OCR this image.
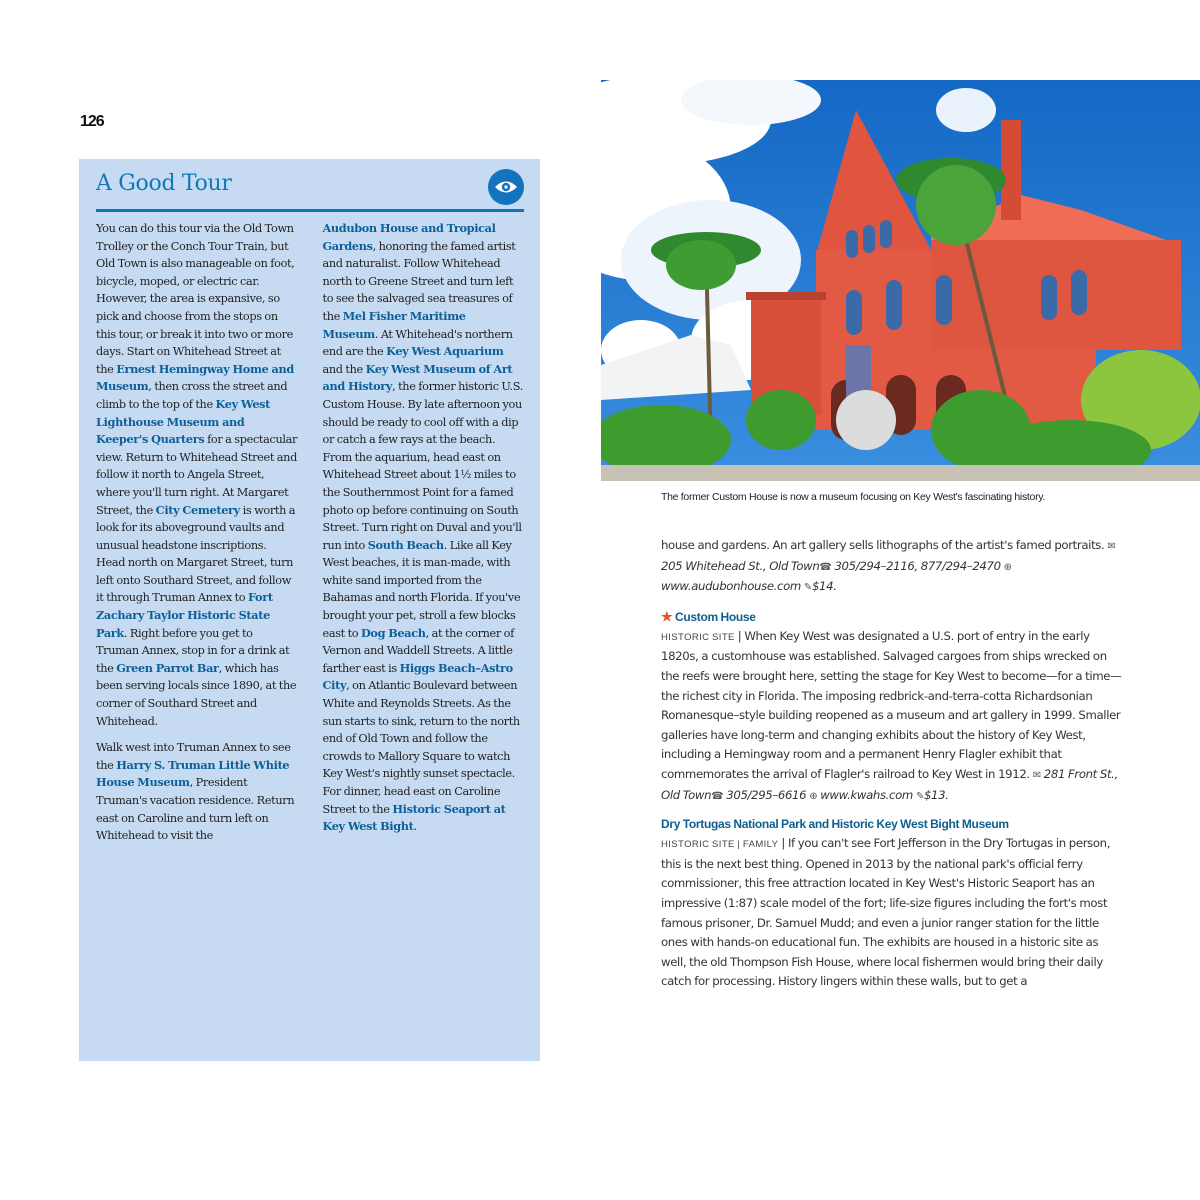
126
A Good Tour

You can do this tour via the Old Town Trolley or the Conch Tour Train, but Old Town is also manageable on foot, bicycle, moped, or electric car. However, the area is expansive, so pick and choose from the stops on this tour, or break it into two or more days. Start on Whitehead Street at the Ernest Hemingway Home and Museum, then cross the street and climb to the top of the Key West Lighthouse Museum and Keeper's Quarters for a spectacular view. Return to Whitehead Street and follow it north to Angela Street, where you'll turn right. At Margaret Street, the City Cemetery is worth a look for its aboveground vaults and unusual headstone inscriptions. Head north on Margaret Street, turn left onto Southard Street, and follow it through Truman Annex to Fort Zachary Taylor Historic State Park. Right before you get to Truman Annex, stop in for a drink at the Green Parrot Bar, which has been serving locals since 1890, at the corner of Southard Street and Whitehead.

Walk west into Truman Annex to see the Harry S. Truman Little White House Museum, President Truman's vacation residence. Return east on Caroline and turn left on Whitehead to visit the

Audubon House and Tropical Gardens, honoring the famed artist and naturalist. Follow Whitehead north to Greene Street and turn left to see the salvaged sea treasures of the Mel Fisher Maritime Museum. At Whitehead's northern end are the Key West Aquarium and the Key West Museum of Art and History, the former historic U.S. Custom House. By late afternoon you should be ready to cool off with a dip or catch a few rays at the beach. From the aquarium, head east on Whitehead Street about 1½ miles to the Southernmost Point for a famed photo op before continuing on South Street. Turn right on Duval and you'll run into South Beach. Like all Key West beaches, it is man-made, with white sand imported from the Bahamas and north Florida. If you've brought your pet, stroll a few blocks east to Dog Beach, at the corner of Vernon and Waddell Streets. A little farther east is Higgs Beach–Astro City, on Atlantic Boulevard between White and Reynolds Streets. As the sun starts to sink, return to the north end of Old Town and follow the crowds to Mallory Square to watch Key West's nightly sunset spectacle. For dinner, head east on Caroline Street to the Historic Seaport at Key West Bight.

The former Custom House is now a museum focusing on Key West's fascinating history.

house and gardens. An art gallery sells lithographs of the artist's famed portraits. ✉ 205 Whitehead St., Old Town☎ 305/294–2116, 877/294–2470 ⊕ www.audubonhouse.com ✎$14.

★ Custom House

HISTORIC SITE | When Key West was designated a U.S. port of entry in the early 1820s, a customhouse was established. Salvaged cargoes from ships wrecked on the reefs were brought here, setting the stage for Key West to become—for a time—the richest city in Florida. The imposing redbrick-and-terra-cotta Richardsonian Romanesque–style building reopened as a museum and art gallery in 1999. Smaller galleries have long-term and changing exhibits about the history of Key West, including a Hemingway room and a permanent Henry Flagler exhibit that commemorates the arrival of Flagler's railroad to Key West in 1912. ✉ 281 Front St., Old Town☎ 305/295–6616 ⊕ www.kwahs.com ✎$13.

Dry Tortugas National Park and Historic Key West Bight Museum

HISTORIC SITE | FAMILY | If you can't see Fort Jefferson in the Dry Tortugas in person, this is the next best thing. Opened in 2013 by the national park's official ferry commissioner, this free attraction located in Key West's Historic Seaport has an impressive (1:87) scale model of the fort; life-size figures including the fort's most famous prisoner, Dr. Samuel Mudd; and even a junior ranger station for the little ones with hands-on educational fun. The exhibits are housed in a historic site as well, the old Thompson Fish House, where local fishermen would bring their daily catch for processing. History lingers within these walls, but to get a
